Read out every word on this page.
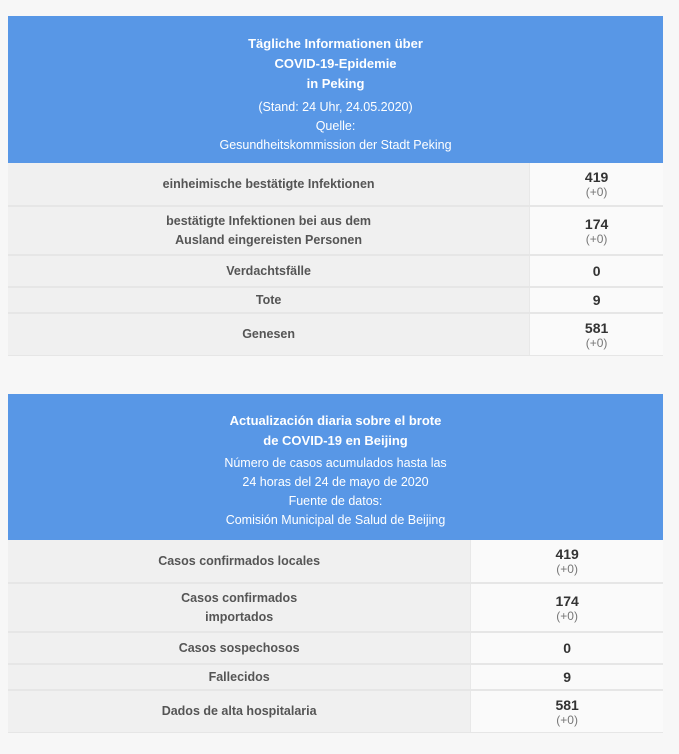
Tägliche Informationen über
COVID-19-Epidemie
in Peking
(Stand: 24 Uhr, 24.05.2020)
Quelle:
Gesundheitskommission der Stadt Peking
einheimische bestätigte Infektionen	419
(+0)
bestätigte Infektionen bei aus dem
Ausland eingereisten Personen
174
(+0)
Verdachtsfälle	0
Tote	9
Genesen	581
(+0)
Actualización diaria sobre el brote
de COVID-19 en Beijing
Número de casos acumulados hasta las
24 horas del 24 de mayo de 2020
Fuente de datos:
Comisión Municipal de Salud de Beijing
Casos confirmados locales	419
(+0)
Casos confirmados
importados
174
(+0)
Casos sospechosos	0
Fallecidos	9
Dados de alta hospitalaria	581
(+0)
